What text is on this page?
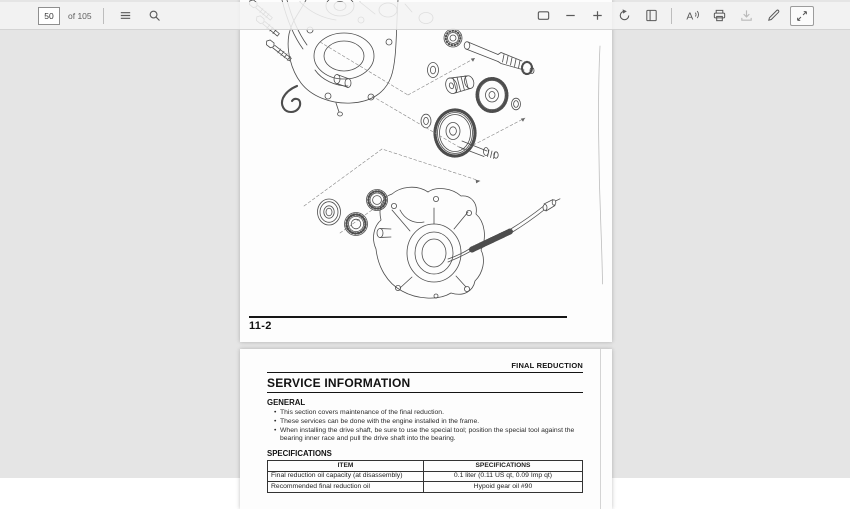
11-2
FINAL REDUCTION
SERVICE INFORMATION
GENERAL
• This section covers maintenance of the final reduction.
• These services can be done with the engine installed in the frame.
• When installing the drive shaft, be sure to use the special tool; position the special tool against the bearing inner race and pull the drive shaft into the bearing.
SPECIFICATIONS
ITEM	SPECIFICATIONS
Final reduction oil capacity (at disassembly)	0.1 liter (0.11 US qt, 0.09 Imp qt)
Recommended final reduction oil	Hypoid gear oil #90
50
of 105	A
